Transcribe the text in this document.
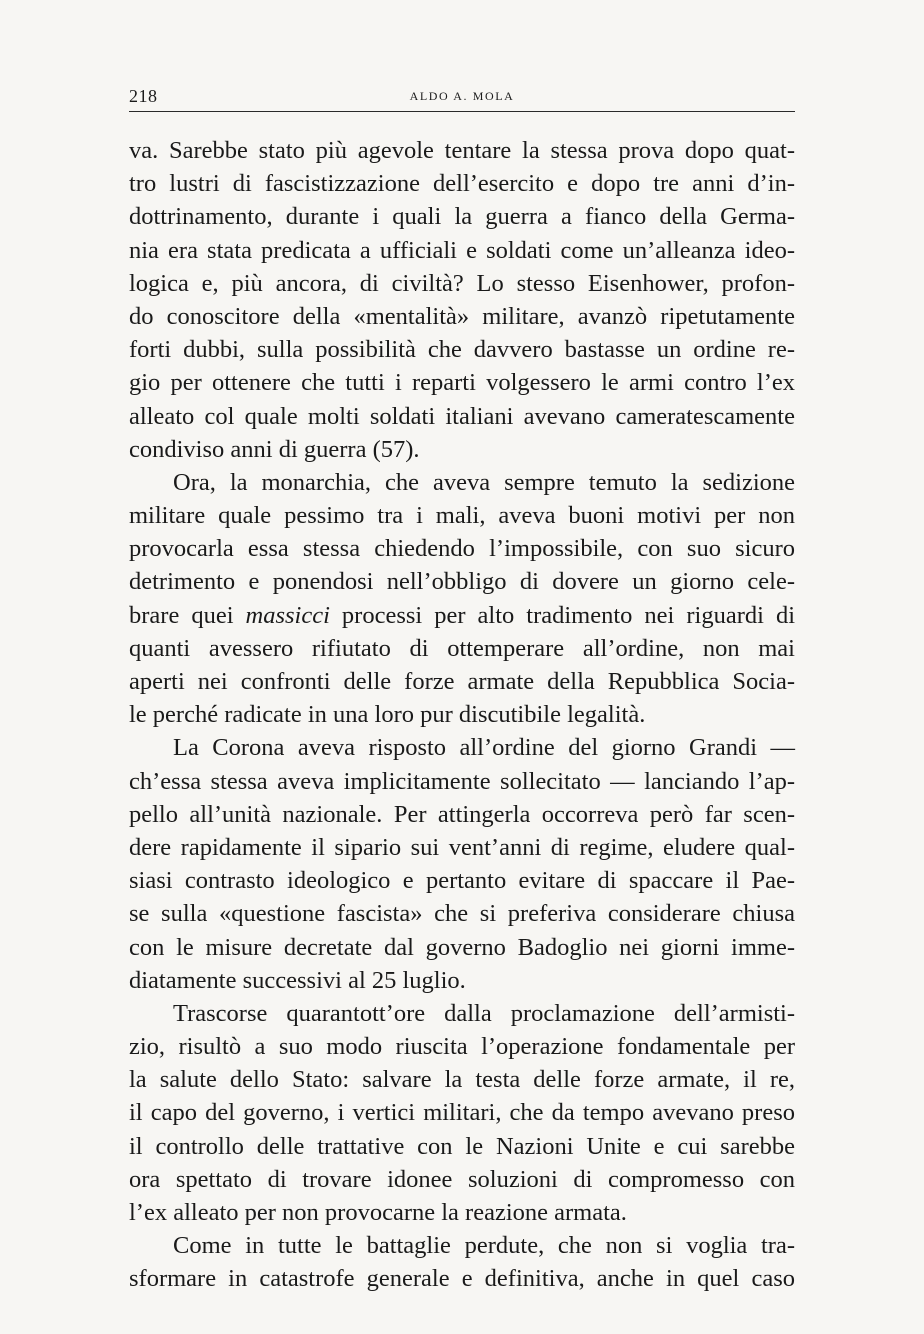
218	ALDO A. MOLA
va. Sarebbe stato più agevole tentare la stessa prova dopo quat-
tro lustri di fascistizzazione dell’esercito e dopo tre anni d’in-
dottrinamento, durante i quali la guerra a fianco della Germa-
nia era stata predicata a ufficiali e soldati come un’alleanza ideo-
logica e, più ancora, di civiltà? Lo stesso Eisenhower, profon-
do conoscitore della «mentalità» militare, avanzò ripetutamente
forti dubbi, sulla possibilità che davvero bastasse un ordine re-
gio per ottenere che tutti i reparti volgessero le armi contro l’ex
alleato col quale molti soldati italiani avevano cameratescamente
condiviso anni di guerra (57).
Ora, la monarchia, che aveva sempre temuto la sedizione
militare quale pessimo tra i mali, aveva buoni motivi per non
provocarla essa stessa chiedendo l’impossibile, con suo sicuro
detrimento e ponendosi nell’obbligo di dovere un giorno cele-
brare quei massicci processi per alto tradimento nei riguardi di
quanti avessero rifiutato di ottemperare all’ordine, non mai
aperti nei confronti delle forze armate della Repubblica Socia-
le perché radicate in una loro pur discutibile legalità.
La Corona aveva risposto all’ordine del giorno Grandi —
ch’essa stessa aveva implicitamente sollecitato — lanciando l’ap-
pello all’unità nazionale. Per attingerla occorreva però far scen-
dere rapidamente il sipario sui vent’anni di regime, eludere qual-
siasi contrasto ideologico e pertanto evitare di spaccare il Pae-
se sulla «questione fascista» che si preferiva considerare chiusa
con le misure decretate dal governo Badoglio nei giorni imme-
diatamente successivi al 25 luglio.
Trascorse quarantott’ore dalla proclamazione dell’armisti-
zio, risultò a suo modo riuscita l’operazione fondamentale per
la salute dello Stato: salvare la testa delle forze armate, il re,
il capo del governo, i vertici militari, che da tempo avevano preso
il controllo delle trattative con le Nazioni Unite e cui sarebbe
ora spettato di trovare idonee soluzioni di compromesso con
l’ex alleato per non provocarne la reazione armata.
Come in tutte le battaglie perdute, che non si voglia tra-
sformare in catastrofe generale e definitiva, anche in quel caso
